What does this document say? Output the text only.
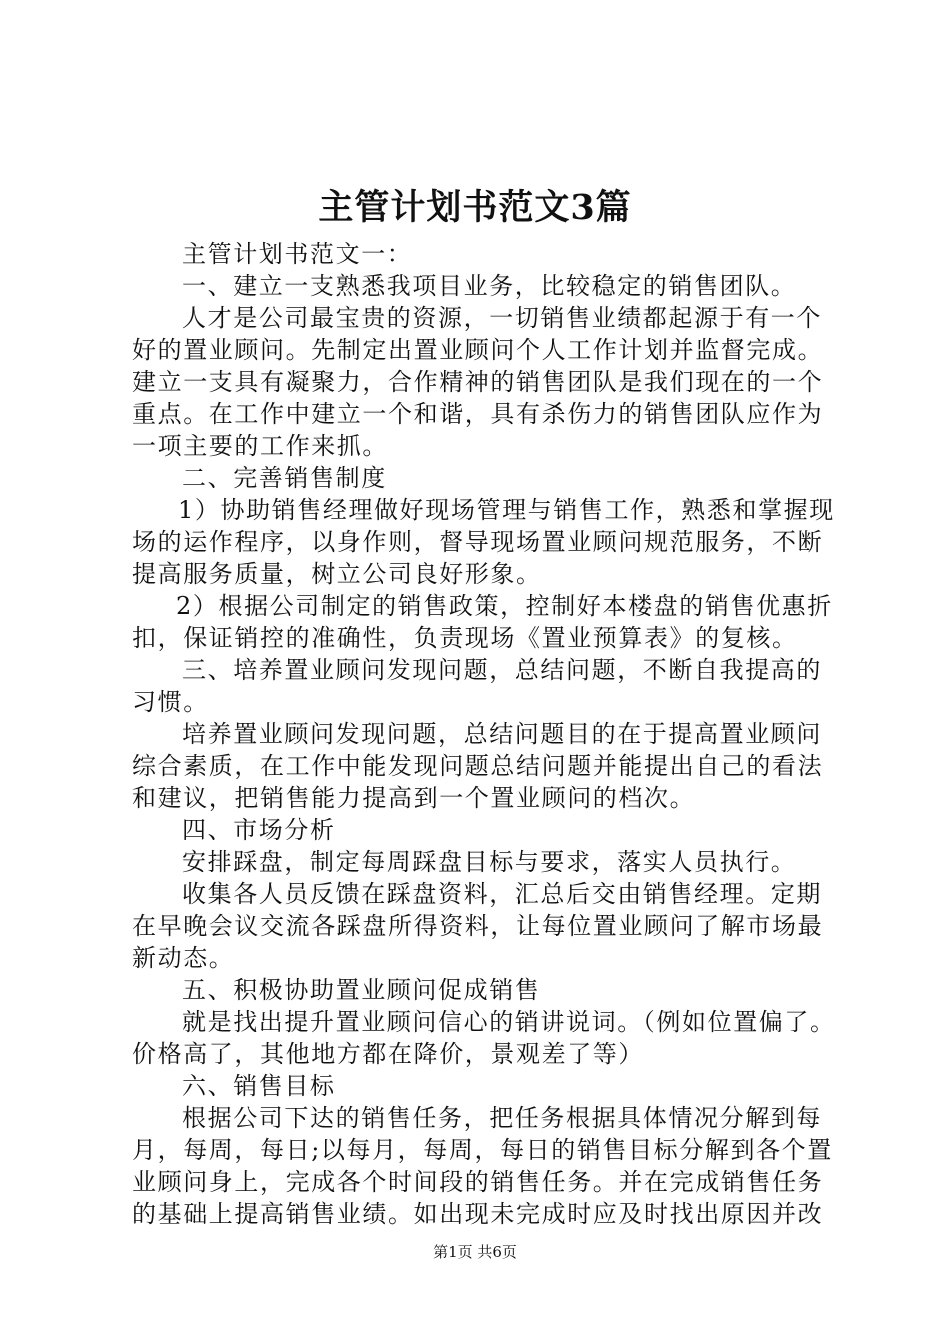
主管计划书范文3篇
主管计划书范文一：
一、建立一支熟悉我项目业务，比较稳定的销售团队。
人才是公司最宝贵的资源，一切销售业绩都起源于有一个
好的置业顾问。先制定出置业顾问个人工作计划并监督完成。
建立一支具有凝聚力，合作精神的销售团队是我们现在的一个
重点。在工作中建立一个和谐，具有杀伤力的销售团队应作为
一项主要的工作来抓。
二、完善销售制度
1）协助销售经理做好现场管理与销售工作，熟悉和掌握现
场的运作程序，以身作则，督导现场置业顾问规范服务，不断
提高服务质量，树立公司良好形象。
2）根据公司制定的销售政策，控制好本楼盘的销售优惠折
扣，保证销控的准确性，负责现场《置业预算表》的复核。
三、培养置业顾问发现问题，总结问题，不断自我提高的
习惯。
培养置业顾问发现问题，总结问题目的在于提高置业顾问
综合素质，在工作中能发现问题总结问题并能提出自己的看法
和建议，把销售能力提高到一个置业顾问的档次。
四、市场分析
安排踩盘，制定每周踩盘目标与要求，落实人员执行。
收集各人员反馈在踩盘资料，汇总后交由销售经理。定期
在早晚会议交流各踩盘所得资料，让每位置业顾问了解市场最
新动态。
五、积极协助置业顾问促成销售
就是找出提升置业顾问信心的销讲说词。（例如位置偏了。
价格高了，其他地方都在降价，景观差了等）
六、销售目标
根据公司下达的销售任务，把任务根据具体情况分解到每
月，每周，每日;以每月，每周，每日的销售目标分解到各个置
业顾问身上，完成各个时间段的销售任务。并在完成销售任务
的基础上提高销售业绩。如出现未完成时应及时找出原因并改
第1页 共6页
